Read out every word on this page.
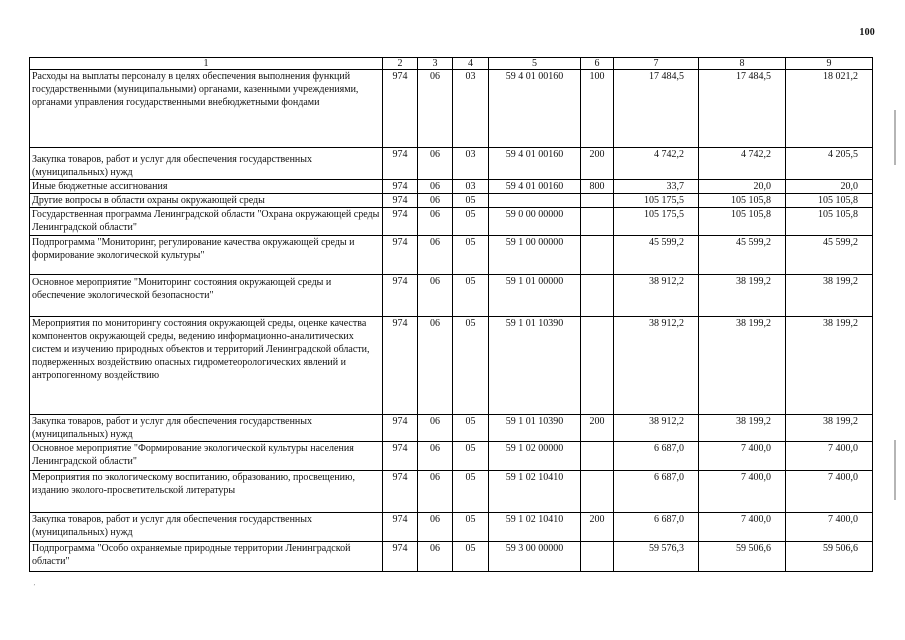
100
1	2	3	4	5	6	7	8	9
Расходы на выплаты персоналу в целях обеспечения выполнения функций государственными (муниципальными) органами, казенными учреждениями, органами управления государственными внебюджетными фондами	974	06	03	59 4 01 00160	100	17 484,5	17 484,5	18 021,2
Закупка товаров, работ и услуг для обеспечения государственных (муниципальных) нужд	974	06	03	59 4 01 00160	200	4 742,2	4 742,2	4 205,5
Иные бюджетные ассигнования	974	06	03	59 4 01 00160	800	33,7	20,0	20,0
Другие вопросы в области охраны окружающей среды	974	06	05			105 175,5	105 105,8	105 105,8
Государственная программа Ленинградской области "Охрана окружающей среды Ленинградской области"	974	06	05	59 0 00 00000		105 175,5	105 105,8	105 105,8
Подпрограмма "Мониторинг, регулирование качества окружающей среды и формирование экологической культуры"	974	06	05	59 1 00 00000		45 599,2	45 599,2	45 599,2
Основное мероприятие "Мониторинг состояния окружающей среды и обеспечение экологической безопасности"	974	06	05	59 1 01 00000		38 912,2	38 199,2	38 199,2
Мероприятия по мониторингу состояния окружающей среды, оценке качества компонентов окружающей среды, ведению информационно-аналитических систем и изучению природных объектов и территорий Ленинградской области, подверженных воздействию опасных гидрометеорологических явлений и антропогенному воздействию	974	06	05	59 1 01 10390		38 912,2	38 199,2	38 199,2
Закупка товаров, работ и услуг для обеспечения государственных (муниципальных) нужд	974	06	05	59 1 01 10390	200	38 912,2	38 199,2	38 199,2
Основное мероприятие "Формирование экологической культуры населения Ленинградской области"	974	06	05	59 1 02 00000		6 687,0	7 400,0	7 400,0
Мероприятия по экологическому воспитанию, образованию, просвещению, изданию эколого-просветительской литературы	974	06	05	59 1 02 10410		6 687,0	7 400,0	7 400,0
Закупка товаров, работ и услуг для обеспечения государственных (муниципальных) нужд	974	06	05	59 1 02 10410	200	6 687,0	7 400,0	7 400,0
Подпрограмма "Особо охраняемые природные территории Ленинградской области"	974	06	05	59 3 00 00000		59 576,3	59 506,6	59 506,6
᾿
